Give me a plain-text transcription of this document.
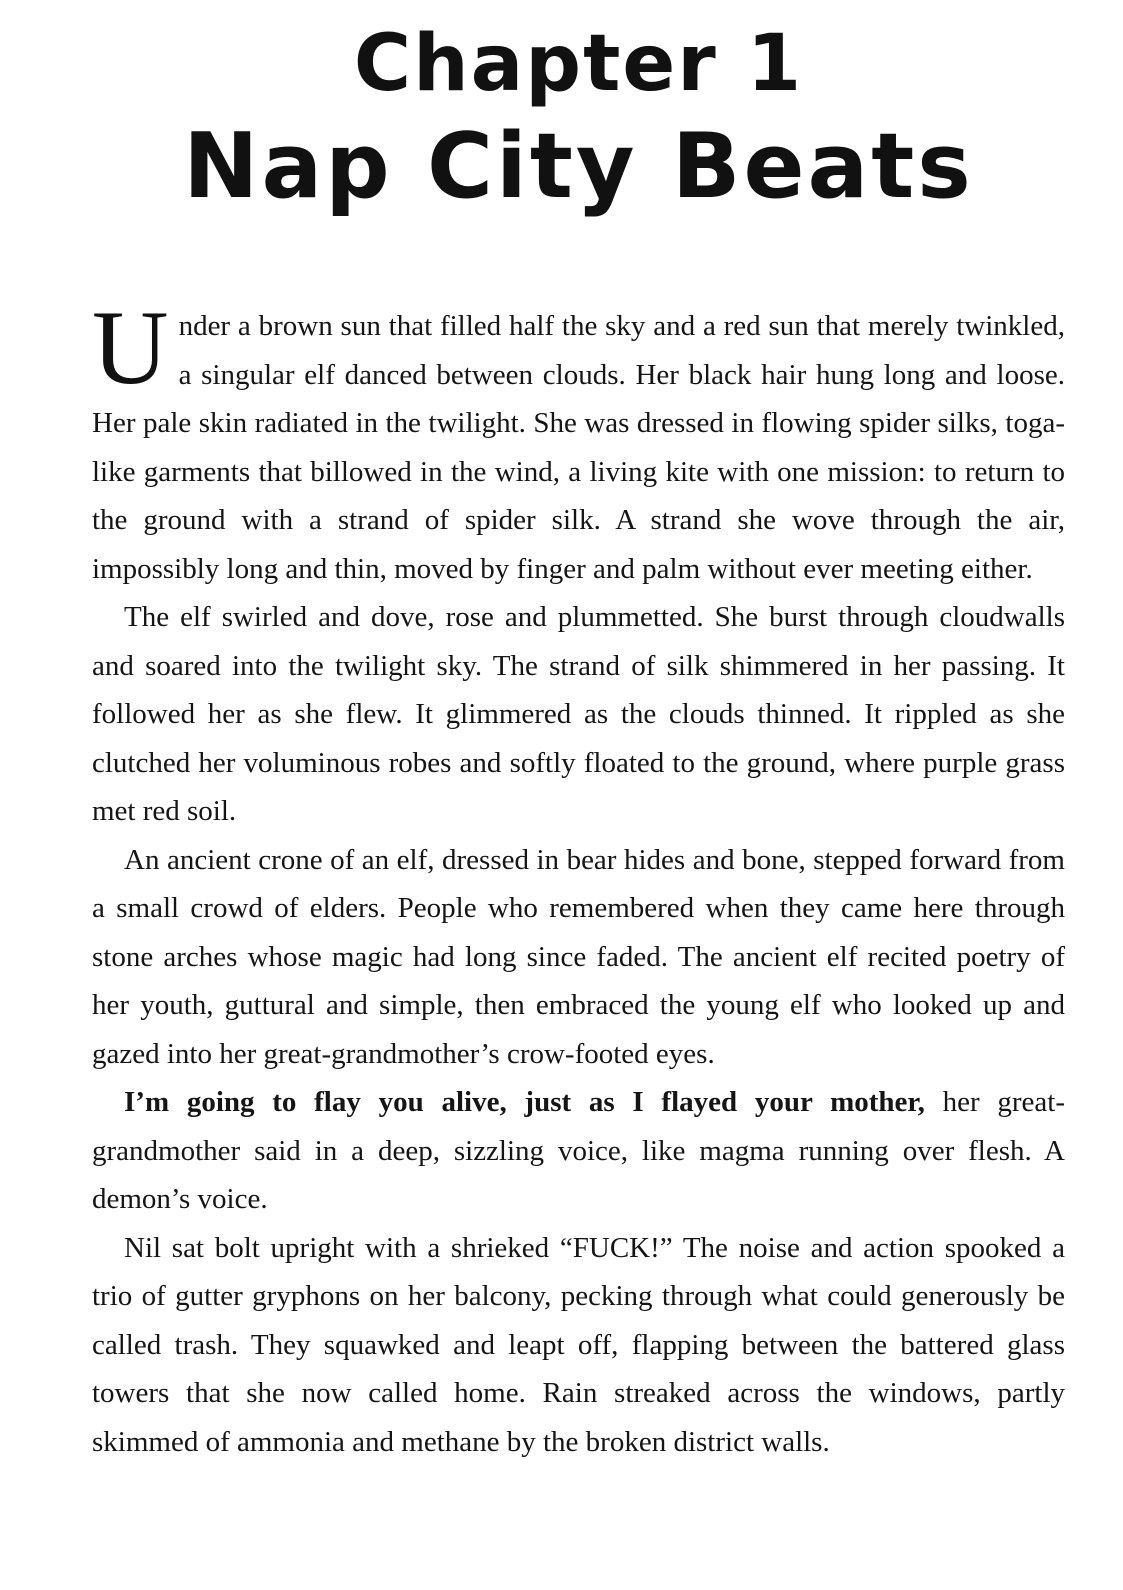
Chapter 1
Nap City Beats

Under a brown sun that filled half the sky and a red sun that merely twinkled, a singular elf danced between clouds. Her black hair hung long and loose. Her pale skin radiated in the twilight. She was dressed in flowing spider silks, toga-like garments that billowed in the wind, a living kite with one mission: to return to the ground with a strand of spider silk. A strand she wove through the air, impossibly long and thin, moved by finger and palm without ever meeting either.

The elf swirled and dove, rose and plummetted. She burst through cloudwalls and soared into the twilight sky. The strand of silk shimmered in her passing. It followed her as she flew. It glimmered as the clouds thinned. It rippled as she clutched her voluminous robes and softly floated to the ground, where purple grass met red soil.

An ancient crone of an elf, dressed in bear hides and bone, stepped forward from a small crowd of elders. People who remembered when they came here through stone arches whose magic had long since faded. The ancient elf recited poetry of her youth, guttural and simple, then embraced the young elf who looked up and gazed into her great-grandmother’s crow-footed eyes.

I’m going to flay you alive, just as I flayed your mother, her great-grandmother said in a deep, sizzling voice, like magma running over flesh. A demon’s voice.

Nil sat bolt upright with a shrieked “FUCK!” The noise and action spooked a trio of gutter gryphons on her balcony, pecking through what could generously be called trash. They squawked and leapt off, flapping between the battered glass towers that she now called home. Rain streaked across the windows, partly skimmed of ammonia and methane by the broken district walls.
